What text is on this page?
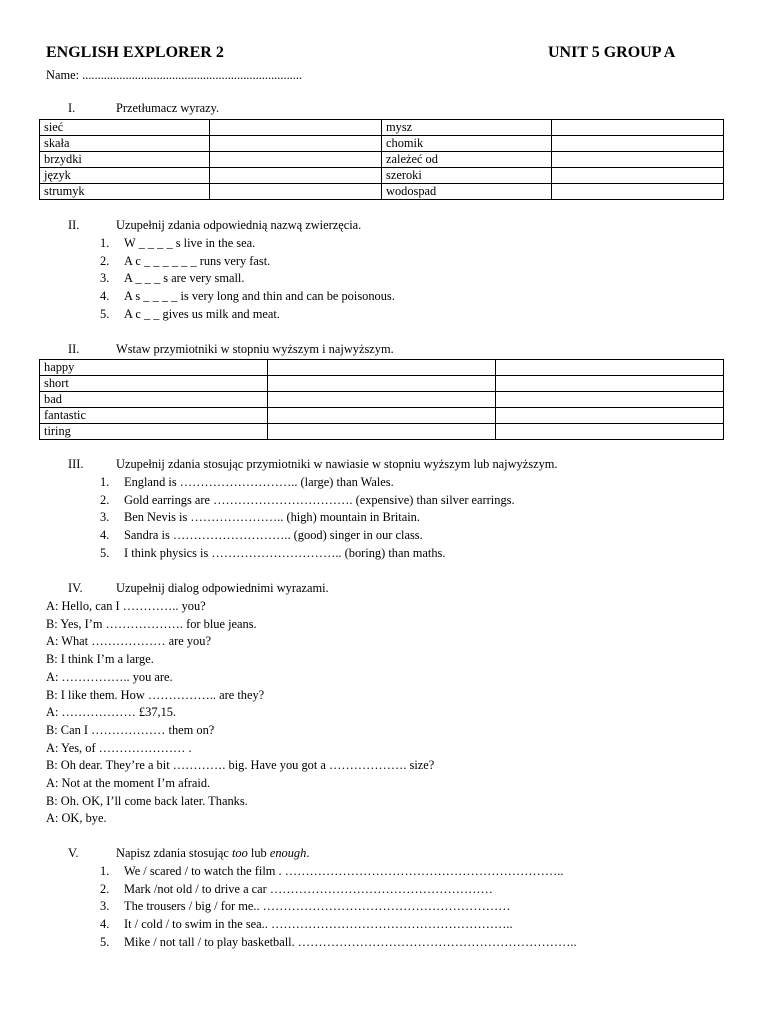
ENGLISH EXPLORER 2	UNIT 5 GROUP A
Name: .......................................................................
I.	Przetłumacz wyrazy.
sieć		mysz	
skała		chomik	
brzydki		zależeć od	
język		szeroki	
strumyk		wodospad	
II.	Uzupełnij zdania odpowiednią nazwą zwierzęcia.
1. W _ _ _ _ s live in the sea.
2. A c _ _ _ _ _ _ runs very fast.
3. A _ _ _ s are very small.
4. A s _ _ _ _ is very long and thin and can be poisonous.
5. A c _ _ gives us milk and meat.
II.	Wstaw przymiotniki w stopniu wyższym i najwyższym.
happy		
short		
bad		
fantastic		
tiring		
III.	Uzupełnij zdania stosując przymiotniki w nawiasie w stopniu wyższym lub najwyższym.
1. England is ……………………….. (large) than Wales.
2. Gold earrings are ……………………………. (expensive) than silver earrings.
3. Ben Nevis is ………………….. (high) mountain in Britain.
4. Sandra is ……………………….. (good) singer in our class.
5. I think physics is ………………………….. (boring) than maths.
IV.	Uzupełnij dialog odpowiednimi wyrazami.
A: Hello, can I ………….. you?
B: Yes, I’m ………………. for blue jeans.
A: What ……………… are you?
B: I think I’m a large.
A: …………….. you are.
B: I like them. How …………….. are they?
A: ……………… £37,15.
B: Can I ……………… them on?
A: Yes, of ………………… .
B: Oh dear. They’re a bit …………. big. Have you got a ………………. size?
A: Not at the moment I’m afraid.
B: Oh. OK, I’ll come back later. Thanks.
A: OK, bye.
V.	Napisz zdania stosując too lub enough.
1. We / scared / to watch the film . …………………………………………………………..
2. Mark /not old / to drive a car ………………………………………………
3. The trousers / big / for me.. ……………………………………………………
4. It / cold / to swim in the sea.. …………………………………………………..
5. Mike / not tall / to play basketball. …………………………………………………………..
